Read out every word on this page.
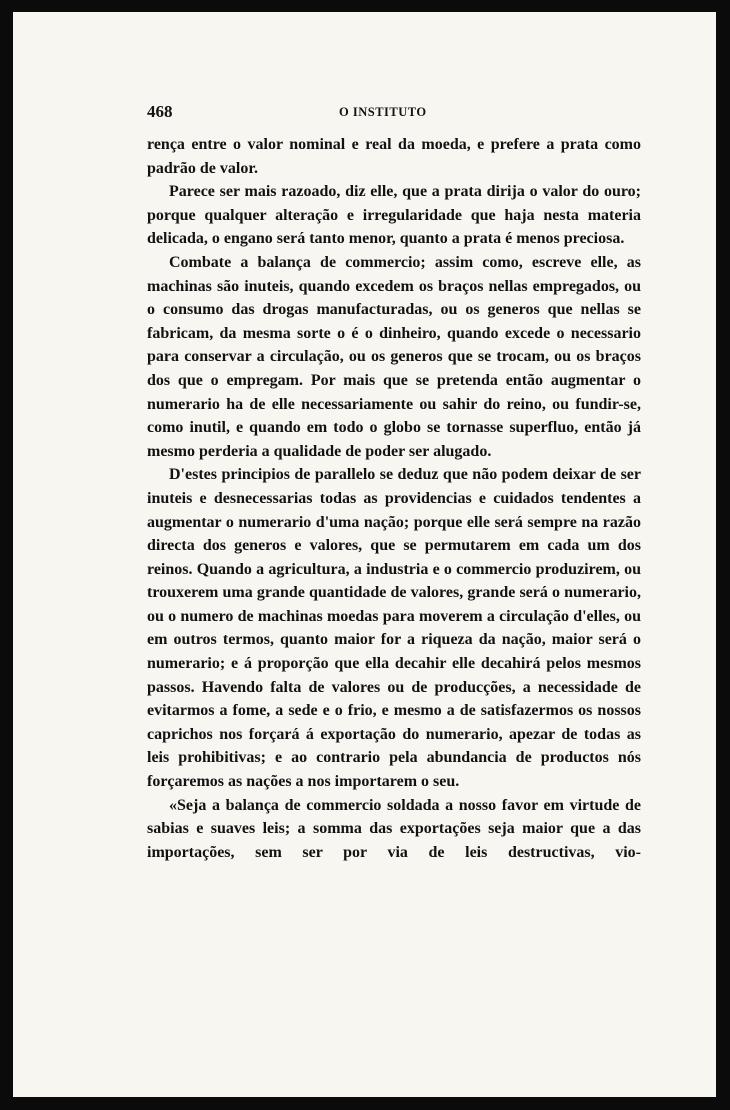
468	O INSTITUTO

rença entre o valor nominal e real da moeda, e prefere a prata como padrão de valor.

Parece ser mais razoado, diz elle, que a prata dirija o valor do ouro; porque qualquer alteração e irregularidade que haja nesta materia delicada, o engano será tanto menor, quanto a prata é menos preciosa.

Combate a balança de commercio; assim como, escreve elle, as machinas são inuteis, quando excedem os braços nellas empregados, ou o consumo das drogas manufacturadas, ou os generos que nellas se fabricam, da mesma sorte o é o dinheiro, quando excede o necessario para conservar a circulação, ou os generos que se trocam, ou os braços dos que o empregam. Por mais que se pretenda então augmentar o numerario ha de elle necessariamente ou sahir do reino, ou fundir-se, como inutil, e quando em todo o globo se tornasse superfluo, então já mesmo perderia a qualidade de poder ser alugado.

D'estes principios de parallelo se deduz que não podem deixar de ser inuteis e desnecessarias todas as providencias e cuidados tendentes a augmentar o numerario d'uma nação; porque elle será sempre na razão directa dos generos e valores, que se permutarem em cada um dos reinos. Quando a agricultura, a industria e o commercio produzirem, ou trouxerem uma grande quantidade de valores, grande será o numerario, ou o numero de machinas moedas para moverem a circulação d'elles, ou em outros termos, quanto maior for a riqueza da nação, maior será o numerario; e á proporção que ella decahir elle decahirá pelos mesmos passos. Havendo falta de valores ou de producções, a necessidade de evitarmos a fome, a sede e o frio, e mesmo a de satisfazermos os nossos caprichos nos forçará á exportação do numerario, apezar de todas as leis prohibitivas; e ao contrario pela abundancia de productos nós forçaremos as nações a nos importarem o seu.

«Seja a balança de commercio soldada a nosso favor em virtude de sabias e suaves leis; a somma das exportações seja maior que a das importações, sem ser por via de leis destructivas, vio-
